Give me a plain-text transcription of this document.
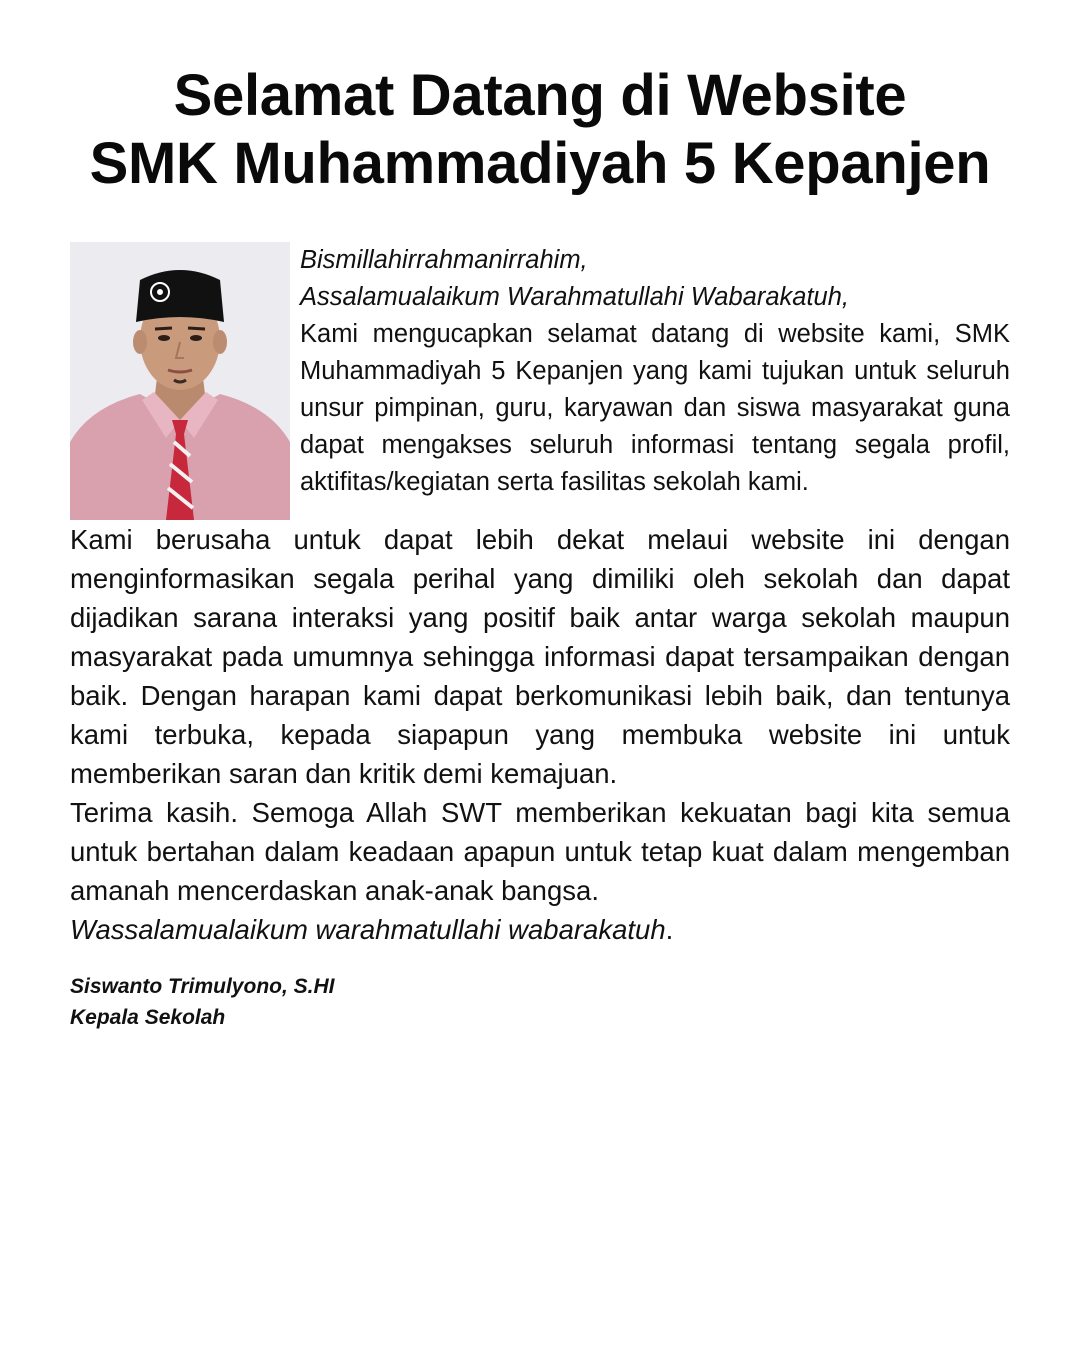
Selamat Datang di Website
SMK Muhammadiyah 5 Kepanjen

Bismillahirrahmanirrahim,

Assalamualaikum Warahmatullahi Wabarakatuh,

Kami mengucapkan selamat datang di website kami, SMK Muhammadiyah 5 Kepanjen yang kami tujukan untuk seluruh unsur pimpinan, guru, karyawan dan siswa masyarakat guna dapat mengakses seluruh informasi tentang segala profil, aktifitas/kegiatan serta fasilitas sekolah kami.

Kami berusaha untuk dapat lebih dekat melaui website ini dengan menginformasikan segala perihal yang dimiliki oleh sekolah dan dapat dijadikan sarana interaksi yang positif baik antar warga sekolah maupun masyarakat pada umumnya sehingga informasi dapat tersampaikan dengan baik. Dengan harapan kami dapat berkomunikasi lebih baik, dan tentunya kami terbuka, kepada siapapun yang membuka website ini untuk memberikan saran dan kritik demi kemajuan.

Terima kasih. Semoga Allah SWT memberikan kekuatan bagi kita semua untuk bertahan dalam keadaan apapun untuk tetap kuat dalam mengemban amanah mencerdaskan anak-anak bangsa.

Wassalamualaikum warahmatullahi wabarakatuh.

Siswanto Trimulyono, S.HI
Kepala Sekolah
